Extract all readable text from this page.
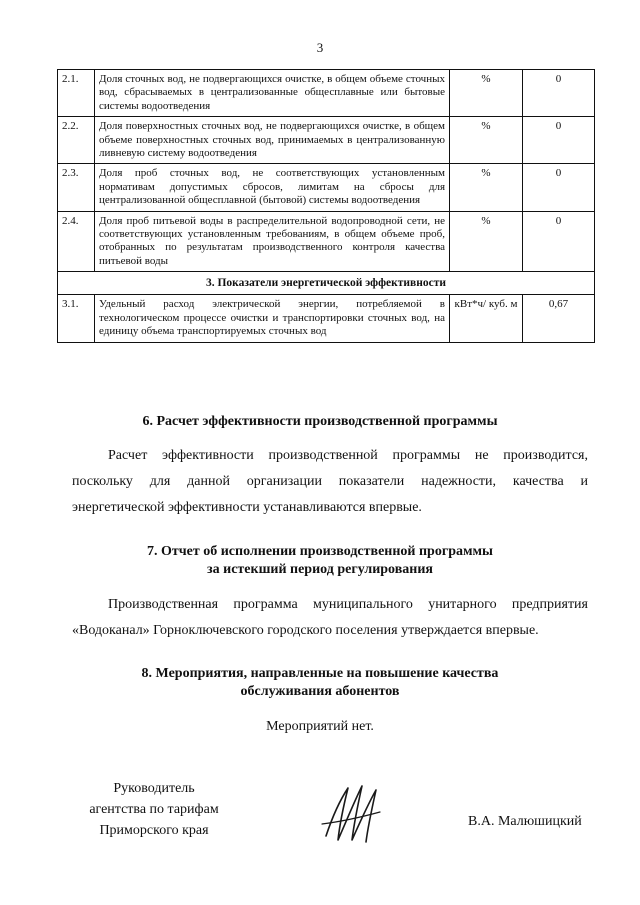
3
2.1.	Доля сточных вод, не подвергающихся очистке, в общем объеме сточных вод, сбрасываемых в централизованные общесплавные или бытовые системы водоотведения	%	0
2.2.	Доля поверхностных сточных вод, не подвергающихся очистке, в общем объеме поверхностных сточных вод, принимаемых в централизованную ливневую систему водоотведения	%	0
2.3.	Доля проб сточных вод, не соответствующих установленным нормативам допустимых сбросов, лимитам на сбросы для централизованной общесплавной (бытовой) системы водоотведения	%	0
2.4.	Доля проб питьевой воды в распределительной водопроводной сети, не соответствующих установленным требованиям, в общем объеме проб, отобранных по результатам производственного контроля качества питьевой воды	%	0
3. Показатели энергетической эффективности			
3.1.	Удельный расход электрической энергии, потребляемой в технологическом процессе очистки и транспортировки сточных вод, на единицу объема транспортируемых сточных вод	кВт*ч/ куб. м	0,67
6. Расчет эффективности производственной программы
Расчет эффективности производственной программы не производится, поскольку для данной организации показатели надежности, качества и энергетической эффективности устанавливаются впервые.
7. Отчет об исполнении производственной программы
за истекший период регулирования
Производственная программа муниципального унитарного предприятия «Водоканал» Горноключевского городского поселения утверждается впервые.
8. Мероприятия, направленные на повышение качества
обслуживания абонентов
Мероприятий нет.
Руководитель
агентства по тарифам
Приморского края
В.А. Малюшицкий
